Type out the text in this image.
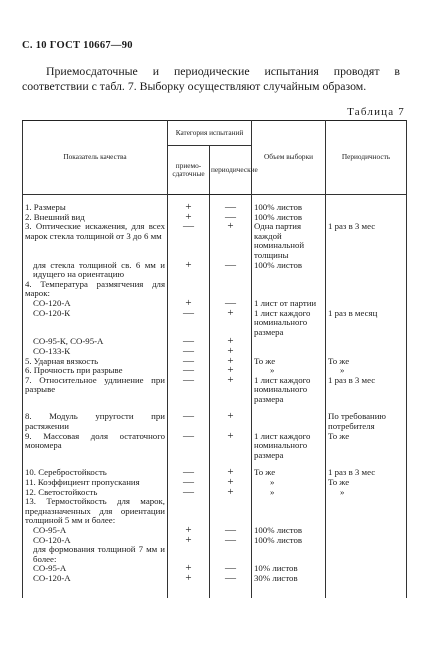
С. 10 ГОСТ 10667—90
Приемосдаточные и периодические испытания проводят в соответствии с табл. 7. Выборку осуществляют случайным образом.
Таблица 7
Показатель качества	Категория испытаний		Объем выборки	Периодичность
	приемо-сдаточные	периодические		

1. Размеры	+	—	100% листов	
2. Внешний вид	+	—	100% листов	
3. Оптические искажения, для всех марок стекла толщиной от 3 до 6 мм	—	+	Одна партия каждой номинальной толщины	1 раз в 3 мес
для стекла толщиной св. 6 мм и идущего на ориентацию	+	—	100% листов	
4. Температура размягчения для марок:				
СО-120-А	+	—	1 лист от партии	
СО-120-К	—	+	1 лист каждого номинального размера	1 раз в месяц
СО-95-К, СО-95-А	—	+		
СО-133-К	—	+		
5. Ударная вязкость	—	+	То же	То же
6. Прочность при разрыве	—	+	»	»
7. Относительное удлинение при разрыве	—	+	1 лист каждого номинального размера	1 раз в 3 мес

8. Модуль упругости при растяжении	—	+		По требованию потребителя
9. Массовая доля остаточного мономера	—	+	1 лист каждого номинального размера	То же

10. Серебростойкость	—	+	То же	1 раз в 3 мес
11. Коэффициент пропускания	—	+	»	То же
12. Светостойкость	—	+	»	»
13. Термостойкость для марок, предназначенных для ориентации толщиной 5 мм и более:				
СО-95-А	+	—	100% листов	
СО-120-А	+	—	100% листов	
для формования толщиной 7 мм и более:				
СО-95-А	+	—	10% листов	
СО-120-А	+	—	30% листов	
